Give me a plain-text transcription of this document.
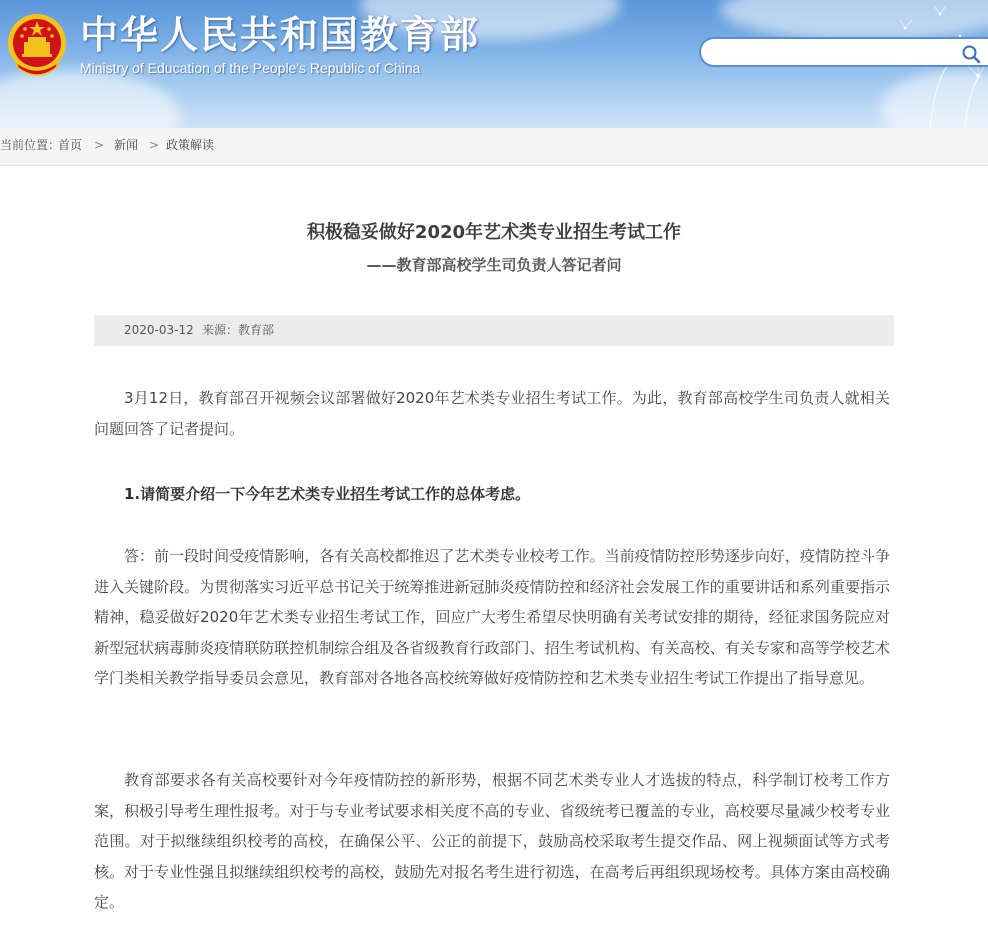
中华人民共和国教育部

Ministry of Education of the People's Republic of China

当前位置：
首页 > 新闻 > 政策解读
积极稳妥做好2020年艺术类专业招生考试工作
——教育部高校学生司负责人答记者问
2020-03-12 来源：教育部

3月12日，教育部召开视频会议部署做好2020年艺术类专业招生考试工作。为此，教育部高校学生司负责人就相关问题回答了记者提问。

1.请简要介绍一下今年艺术类专业招生考试工作的总体考虑。

答：前一段时间受疫情影响，各有关高校都推迟了艺术类专业校考工作。当前疫情防控形势逐步向好，疫情防控斗争进入关键阶段。为贯彻落实习近平总书记关于统筹推进新冠肺炎疫情防控和经济社会发展工作的重要讲话和系列重要指示精神，稳妥做好2020年艺术类专业招生考试工作，回应广大考生希望尽快明确有关考试安排的期待，经征求国务院应对新型冠状病毒肺炎疫情联防联控机制综合组及各省级教育行政部门、招生考试机构、有关高校、有关专家和高等学校艺术学门类相关教学指导委员会意见，教育部对各地各高校统筹做好疫情防控和艺术类专业招生考试工作提出了指导意见。

教育部要求各有关高校要针对今年疫情防控的新形势，根据不同艺术类专业人才选拔的特点，科学制订校考工作方案，积极引导考生理性报考。对于与专业考试要求相关度不高的专业、省级统考已覆盖的专业，高校要尽量减少校考专业范围。对于拟继续组织校考的高校，在确保公平、公正的前提下，鼓励高校采取考生提交作品、网上视频面试等方式考核。对于专业性强且拟继续组织校考的高校，鼓励先对报名考生进行初选，在高考后再组织现场校考。具体方案由高校确定。
